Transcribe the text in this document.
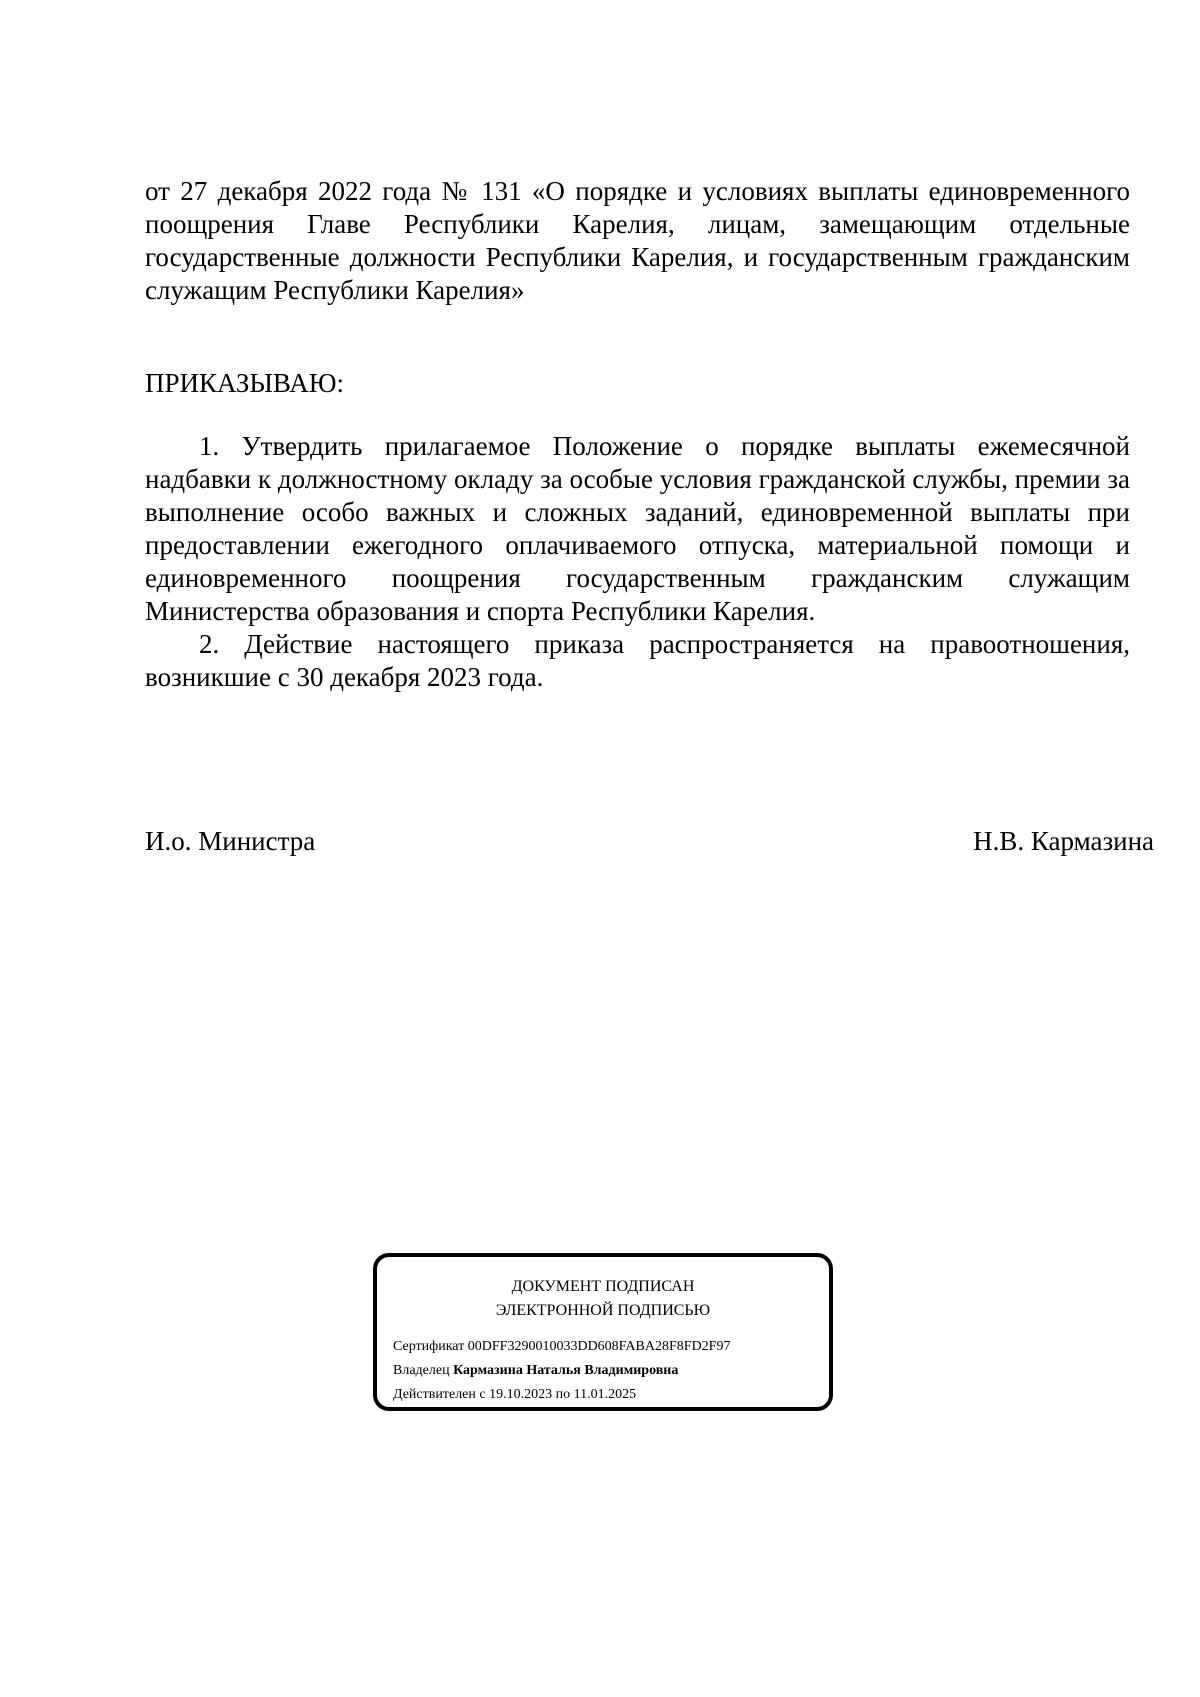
от 27 декабря 2022 года № 131 «О порядке и условиях выплаты единовременного поощрения Главе Республики Карелия, лицам, замещающим отдельные государственные должности Республики Карелия, и государственным гражданским служащим Республики Карелия»
ПРИКАЗЫВАЮ:

1. Утвердить прилагаемое Положение о порядке выплаты ежемесячной надбавки к должностному окладу за особые условия гражданской службы, премии за выполнение особо важных и сложных заданий, единовременной выплаты при предоставлении ежегодного оплачиваемого отпуска, материальной помощи и единовременного поощрения государственным гражданским служащим Министерства образования и спорта Республики Карелия.

2. Действие настоящего приказа распространяется на правоотношения, возникшие с 30 декабря 2023 года.

И.о. Министра	Н.В. Кармазина
ДОКУМЕНТ ПОДПИСАН
ЭЛЕКТРОННОЙ ПОДПИСЬЮ
Сертификат 00DFF3290010033DD608FABA28F8FD2F97
Владелец Кармазина Наталья Владимировна
Действителен с 19.10.2023 по 11.01.2025
